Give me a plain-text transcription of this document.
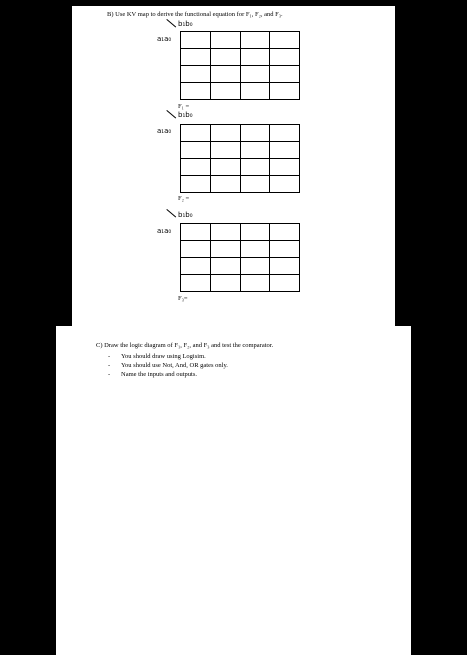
B) Use KV map to derive the functional equation for F₁, F₂, and F₃.
b₁b₀
a₁a₀

F₁ =
b₁b₀
a₁a₀

F₂ =
b₁b₀
a₁a₀

F₃=
C) Draw the logic diagram of F₁, F₂, and F₃ and test the comparator.
- You should draw using Logisim.
- You should use Not, And, OR gates only.
- Name the inputs and outputs.
